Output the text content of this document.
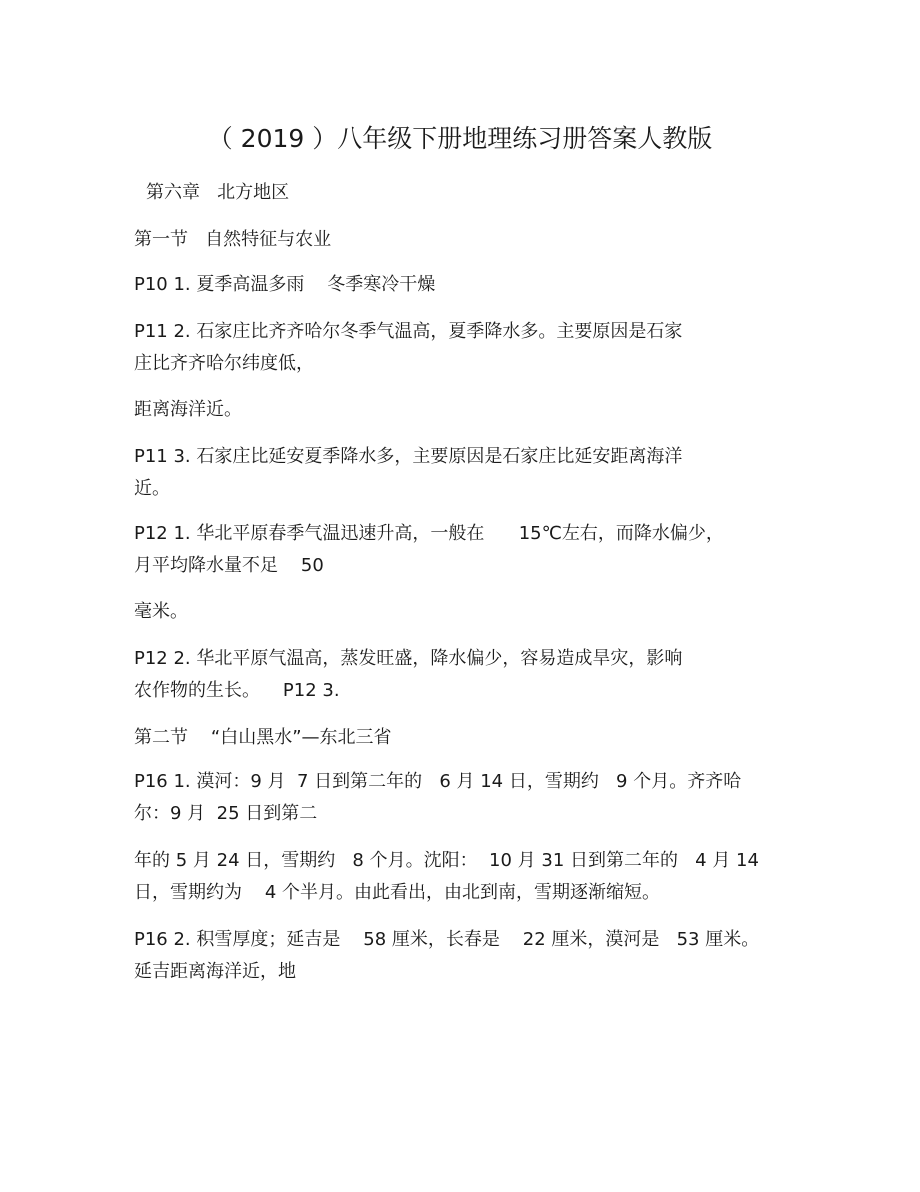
（ 2019 ）八年级下册地理练习册答案人教版
第六章   北方地区
第一节   自然特征与农业
P10 1. 夏季高温多雨    冬季寒冷干燥
P11 2. 石家庄比齐齐哈尔冬季气温高，夏季降水多。主要原因是石家
庄比齐齐哈尔纬度低，
距离海洋近。
P11 3. 石家庄比延安夏季降水多，主要原因是石家庄比延安距离海洋
近。
P12 1. 华北平原春季气温迅速升高，一般在      15℃左右，而降水偏少，
月平均降水量不足    50
毫米。
P12 2. 华北平原气温高，蒸发旺盛，降水偏少，容易造成旱灾，影响
农作物的生长。    P12 3.
第二节    “白山黑水”—东北三省
P16 1. 漠河：9 月  7 日到第二年的   6 月 14 日，雪期约   9 个月。齐齐哈
尔：9 月  25 日到第二
年的 5 月 24 日，雪期约   8 个月。沈阳：  10 月 31 日到第二年的   4 月 14
日，雪期约为    4 个半月。由此看出，由北到南，雪期逐渐缩短。
P16 2. 积雪厚度；延吉是    58 厘米，长春是    22 厘米，漠河是   53 厘米。
延吉距离海洋近，地
